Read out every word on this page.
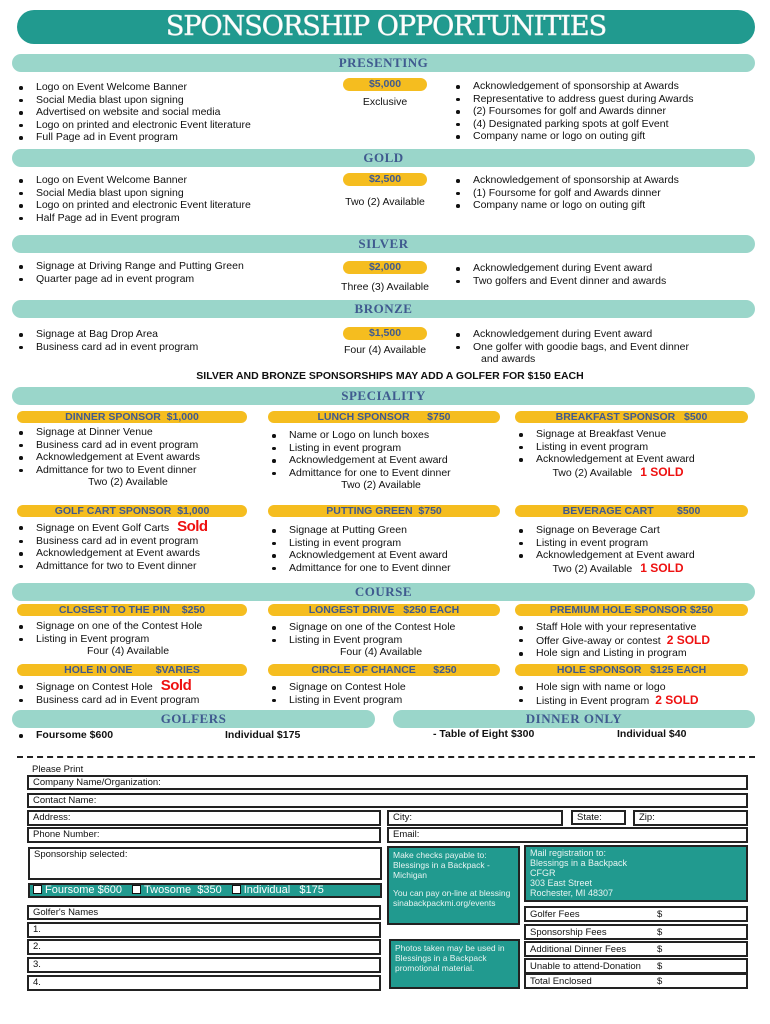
SPONSORSHIP OPPORTUNITIES
PRESENTING
$5,000
Exclusive
Logo on Event Welcome Banner
Social Media blast upon signing
Advertised on website and social media
Logo on printed and electronic Event literature
Full Page ad in Event program
Acknowledgement of sponsorship at Awards
Representative to address guest during Awards
(2) Foursomes for golf and Awards dinner
(4) Designated parking spots at golf Event
Company name or logo on outing gift
GOLD
$2,500
Two (2) Available
Logo on Event Welcome Banner
Social Media blast upon signing
Logo on printed and electronic Event literature
Half Page ad in Event program
Acknowledgement of sponsorship at Awards
(1) Foursome for golf and Awards dinner
Company name or logo on outing gift
SILVER
$2,000
Three (3) Available
Signage at Driving Range and Putting Green
Quarter page ad in event program
Acknowledgement during Event award
Two golfers and Event dinner and awards
BRONZE
$1,500
Four (4) Available
Signage at Bag Drop Area
Business card ad in event program
Acknowledgement during Event award
One golfer with goodie bags, and Event dinner
and awards
SILVER AND BRONZE SPONSORSHIPS MAY ADD A GOLFER FOR $150 EACH
SPECIALITY
DINNER SPONSOR  $1,000
Signage at Dinner Venue
Business card ad in event program
Acknowledgement at Event awards
Admittance for two to Event dinner
Two (2) Available
LUNCH SPONSOR      $750
Name or Logo on lunch boxes
Listing in event program
Acknowledgement at Event award
Admittance for one to Event dinner
Two (2) Available
BREAKFAST SPONSOR   $500
Signage at Breakfast Venue
Listing in event program
Acknowledgement at Event award
Two (2) Available 1 SOLD
GOLF CART SPONSOR  $1,000
Signage on Event Golf Carts Sold
Business card ad in event program
Acknowledgement at Event awards
Admittance for two to Event dinner
PUTTING GREEN  $750
Signage at Putting Green
Listing in event program
Acknowledgement at Event award
Admittance for one to Event dinner
BEVERAGE CART        $500
Signage on Beverage Cart
Listing in event program
Acknowledgement at Event award
Two (2) Available 1 SOLD
COURSE
CLOSEST TO THE PIN    $250
Signage on one of the Contest Hole
Listing in Event program
Four (4) Available
LONGEST DRIVE   $250 EACH
Signage on one of the Contest Hole
Listing in Event program
Four (4) Available
PREMIUM HOLE SPONSOR $250
Staff Hole with your representative
Offer Give-away or contest 2 SOLD
Hole sign and Listing in program
HOLE IN ONE        $VARIES
Signage on Contest Hole Sold
Business card ad in Event program
CIRCLE OF CHANCE      $250
Signage on Contest Hole
Listing in Event program
HOLE SPONSOR   $125 EACH
Hole sign with name or logo
Listing in Event program 2 SOLD
GOLFERS	DINNER ONLY
Foursome $600	Individual $175	- Table of Eight $300	Individual $40
Please Print
Company Name/Organization:
Contact Name:
Address:	City:	State:	Zip:
Phone Number:	Email:
Sponsorship selected:
Foursome $600 Twosome  $350 Individual   $175
Golfer's Names
1.
2.
3.
4.
Make checks payable to: Blessings in a Backpack - Michigan
You can pay on-line at blessingsinabackpackmi.org/events
Photos taken may be used in Blessings in a Backpack promotional material.
Mail registration to:
Blessings in a Backpack
CFGR
303 East Street
Rochester, MI 48307
Golfer Fees	$
Sponsorship Fees	$
Additional Dinner Fees	$
Unable to attend-Donation $
Total Enclosed	$
